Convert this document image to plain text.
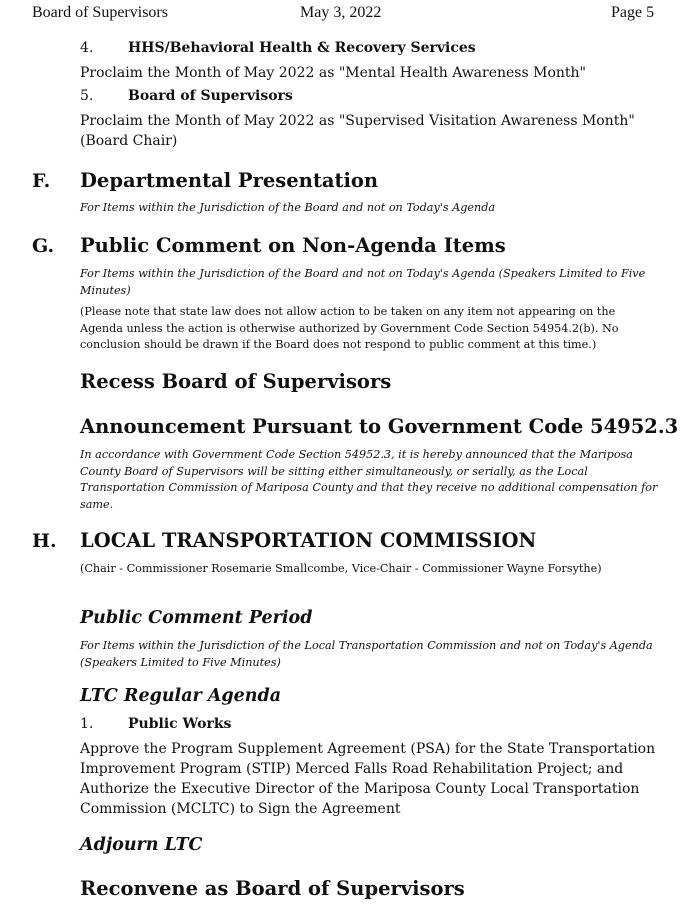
Board of Supervisors	May 3, 2022	Page 5
4. HHS/Behavioral Health & Recovery Services
Proclaim the Month of May 2022 as "Mental Health Awareness Month"
5. Board of Supervisors
Proclaim the Month of May 2022 as "Supervised Visitation Awareness Month"
(Board Chair)
F. Departmental Presentation
For Items within the Jurisdiction of the Board and not on Today's Agenda
G. Public Comment on Non-Agenda Items
For Items within the Jurisdiction of the Board and not on Today's Agenda (Speakers Limited to Five Minutes)
(Please note that state law does not allow action to be taken on any item not appearing on the Agenda unless the action is otherwise authorized by Government Code Section 54954.2(b). No conclusion should be drawn if the Board does not respond to public comment at this time.)
Recess Board of Supervisors
Announcement Pursuant to Government Code 54952.3
In accordance with Government Code Section 54952.3, it is hereby announced that the Mariposa County Board of Supervisors will be sitting either simultaneously, or serially, as the Local Transportation Commission of Mariposa County and that they receive no additional compensation for same.
H. LOCAL TRANSPORTATION COMMISSION
(Chair - Commissioner Rosemarie Smallcombe, Vice-Chair - Commissioner Wayne Forsythe)
Public Comment Period
For Items within the Jurisdiction of the Local Transportation Commission and not on Today's Agenda (Speakers Limited to Five Minutes)
LTC Regular Agenda
1. Public Works
Approve the Program Supplement Agreement (PSA) for the State Transportation Improvement Program (STIP) Merced Falls Road Rehabilitation Project; and Authorize the Executive Director of the Mariposa County Local Transportation Commission (MCLTC) to Sign the Agreement
Adjourn LTC
Reconvene as Board of Supervisors
